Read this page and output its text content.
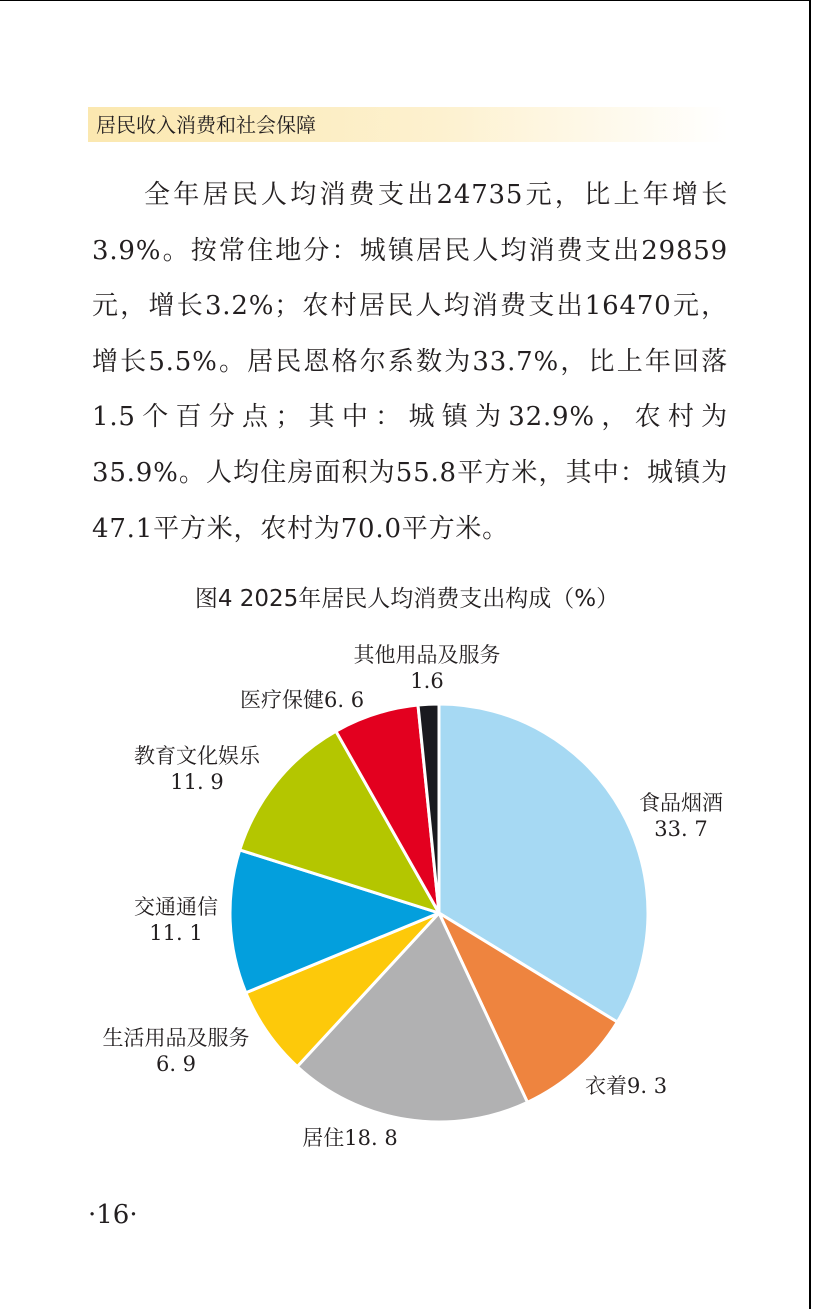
居民收入消费和社会保障

全年居民人均消费支出24735元，比上年增长3.9%。按常住地分：城镇居民人均消费支出29859元，增长3.2%；农村居民人均消费支出16470元，增长5.5%。居民恩格尔系数为33.7%，比上年回落1.5个百分点；其中：城镇为32.9%，农村为35.9%。人均住房面积为55.8平方米，其中：城镇为47.1平方米，农村为70.0平方米。

图4 2025年居民人均消费支出构成（%）
食品烟酒
33. 7
衣着9. 3
居住18. 8
生活用品及服务
6. 9
交通通信
11. 1
教育文化娱乐
11. 9
医疗保健6. 6
其他用品及服务
1.6
·16·
